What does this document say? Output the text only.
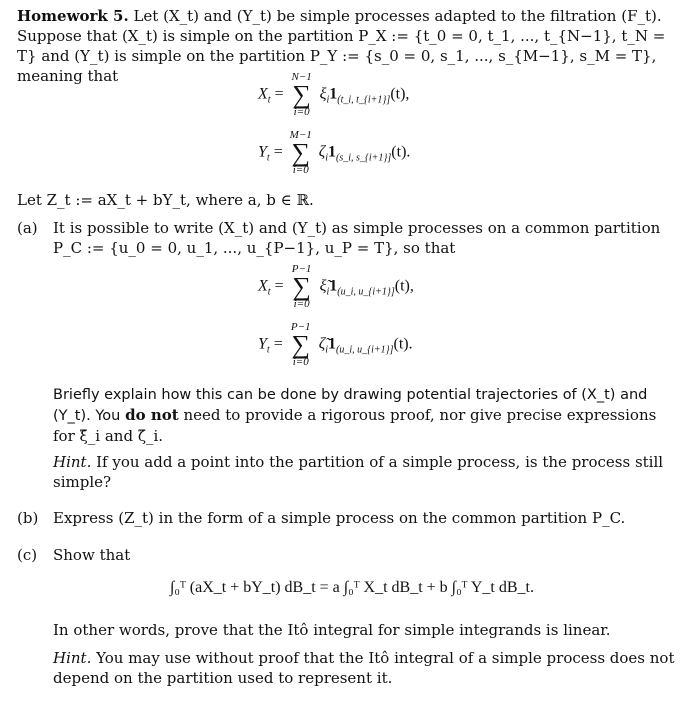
Homework 5. Let (X_t) and (Y_t) be simple processes adapted to the filtration (F_t). Suppose that (X_t) is simple on the partition P_X := {t_0 = 0, t_1, ..., t_{N−1}, t_N = T} and (Y_t) is simple on the partition P_Y := {s_0 = 0, s_1, ..., s_{M−1}, s_M = T}, meaning that

$X_t$ =
N−1
∑
i=0
$\xi_i1_{(t\_i, t\_\{i+1\}]}(t)$,
$Y_t$ =
M−1
∑
i=0
$\zeta_i1_{(s\_i, s\_\{i+1\}]}(t)$.

Let Z_t := aX_t + bY_t, where a, b ∈ ℝ.

(a) It is possible to write (X_t) and (Y_t) as simple processes on a common partition P_C := {u_0 = 0, u_1, ..., u_{P−1}, u_P = T}, so that

$X_t$ =
P−1
∑
i=0
$\xĩ_i1_{(u\_i, u\_\{i+1\}]}(t)$,
$Y_t$ =
P−1
∑
i=0
$\zetã_i1_{(u\_i, u\_\{i+1\}]}(t)$.

Briefly explain how this can be done by drawing potential trajectories of (X_t) and (Y_t). You do not need to provide a rigorous proof, nor give precise expressions for ξ̃_i and ζ̃_i.

Hint. If you add a point into the partition of a simple process, is the process still simple?

(b) Express (Z_t) in the form of a simple process on the common partition P_C.

(c) Show that

∫₀ᵀ (aX_t + bY_t) dB_t = a ∫₀ᵀ X_t dB_t + b ∫₀ᵀ Y_t dB_t.

In other words, prove that the Itô integral for simple integrands is linear.

Hint. You may use without proof that the Itô integral of a simple process does not depend on the partition used to represent it.
